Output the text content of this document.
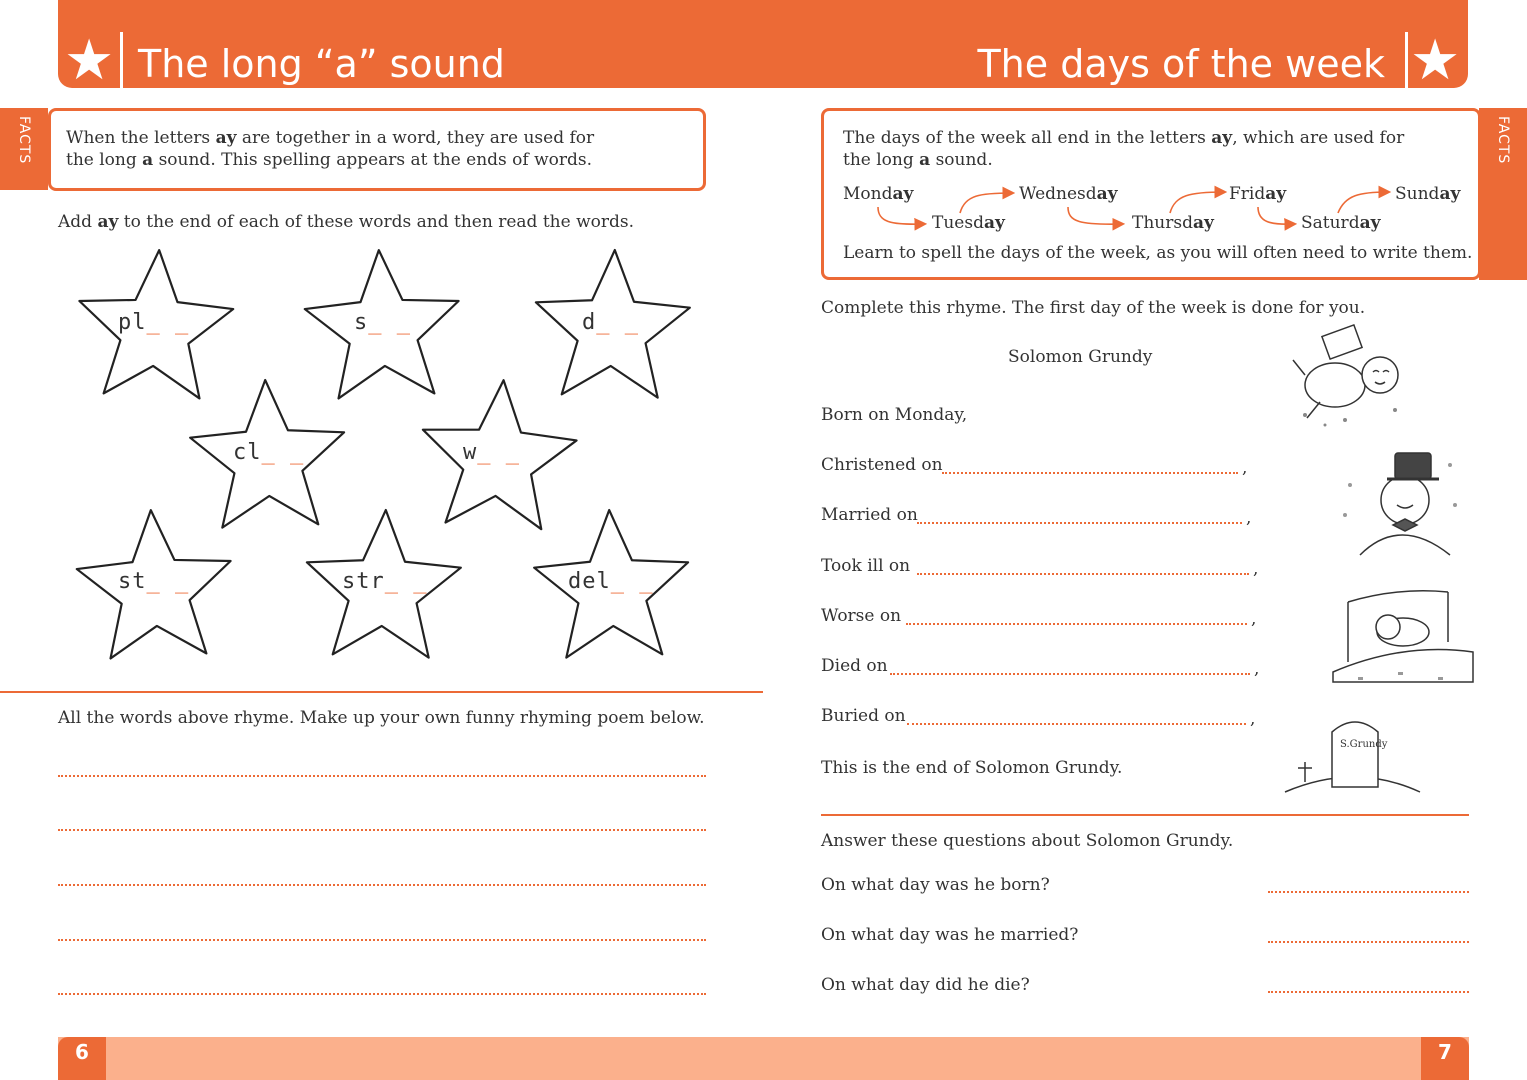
★ The long “a” sound	The days of the week ★
FACTS When the letters ay are together in a word, they are used for
the long a sound. This spelling appears at the ends of words.
Add ay to the end of each of these words and then read the words.
pl_ _	s_ _	d_ _
cl_ _	w_ _
st_ _	str_ _	del_ _
All the words above rhyme. Make up your own funny rhyming poem below.
FACTS
The days of the week all end in the letters ay, which are used for
the long a sound.
Monday
Tuesday
Wednesday
Thursday
Friday
Saturday
Sunday
Learn to spell the days of the week, as you will often need to write them.
Complete this rhyme. The first day of the week is done for you.
Solomon Grundy
Born on Monday,
Christened on	,
Married on	,
Took ill on	,
Worse on	,
Died on	,
Buried on	,
This is the end of Solomon Grundy.
S.Grundy
Answer these questions about Solomon Grundy.
On what day was he born?
On what day was he married?
On what day did he die?
6	7
